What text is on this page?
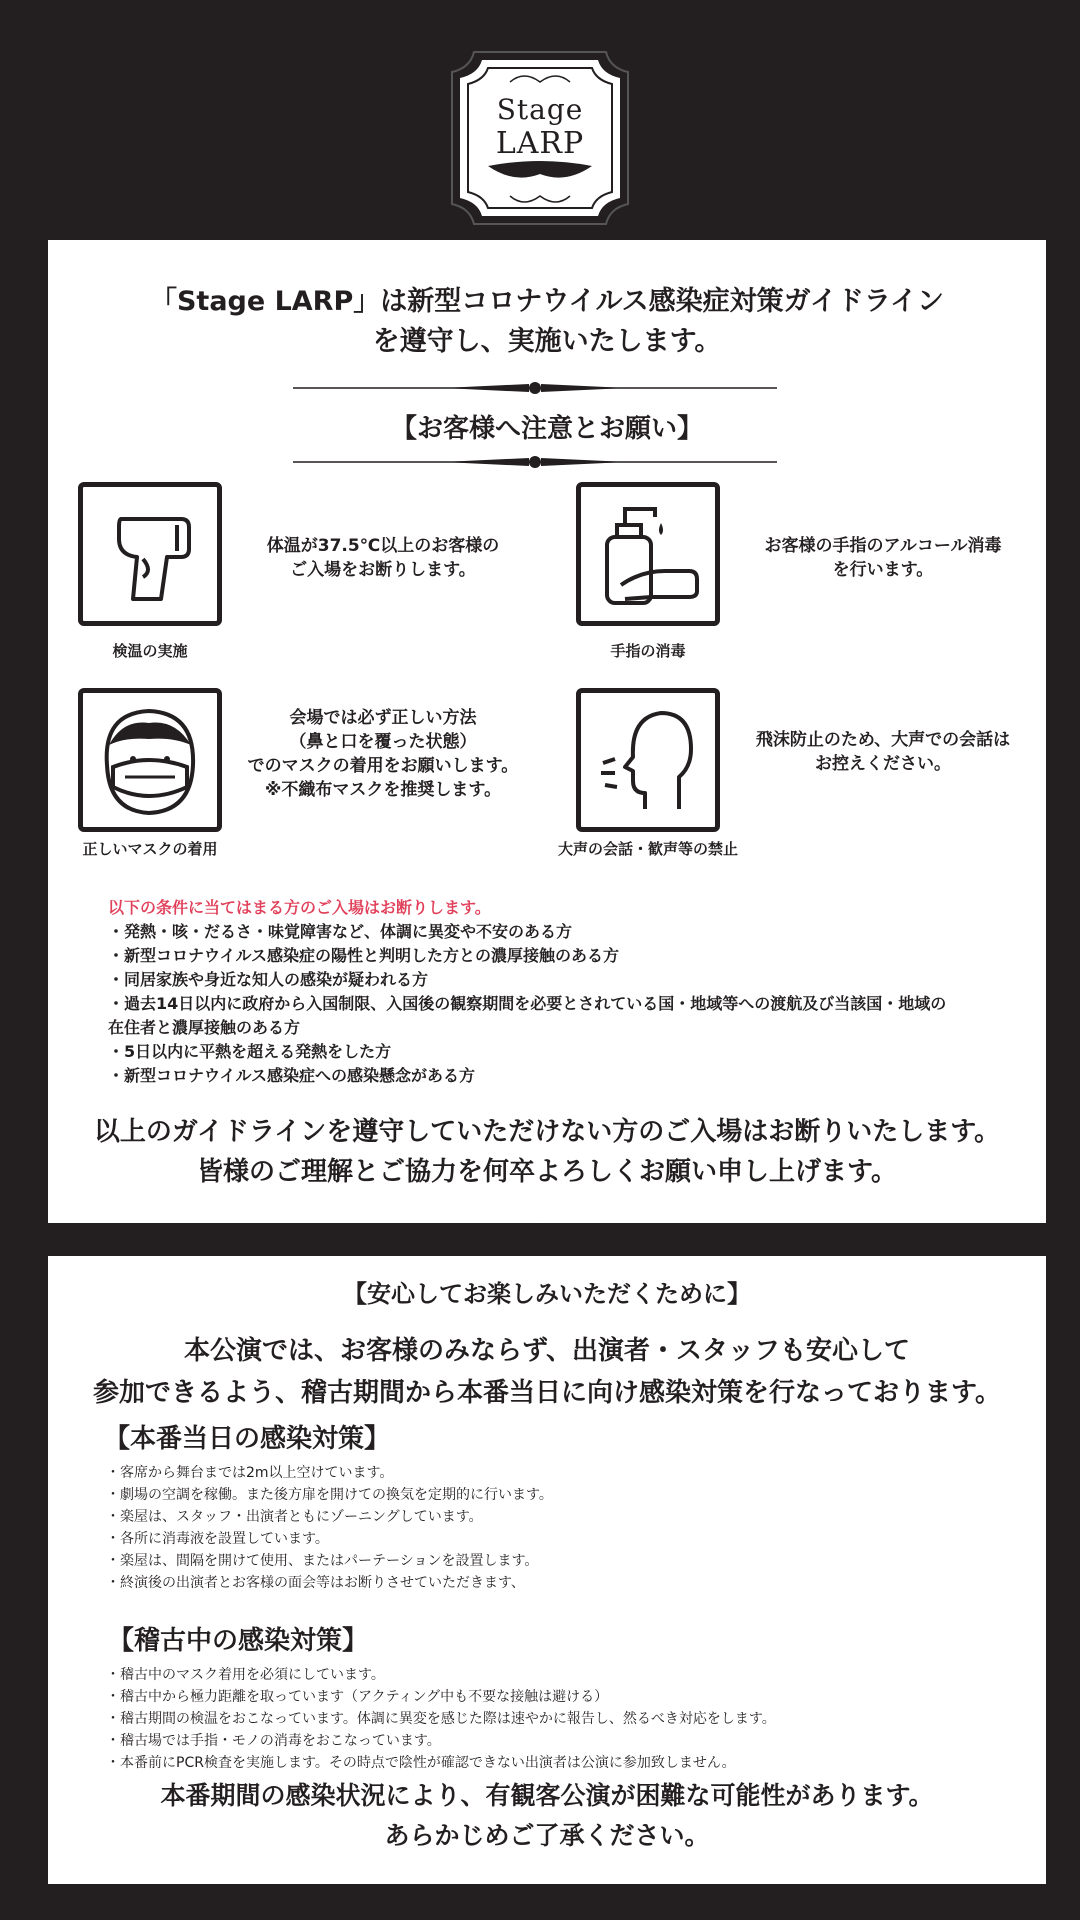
Stage
LARP
「Stage LARP」は新型コロナウイルス感染症対策ガイドライン
を遵守し、実施いたします。
【お客様へ注意とお願い】
検温の実施
体温が37.5℃以上のお客様の
ご入場をお断りします。
手指の消毒
お客様の手指のアルコール消毒
を行います。
正しいマスクの着用
会場では必ず正しい方法
（鼻と口を覆った状態）
でのマスクの着用をお願いします。
※不織布マスクを推奨します。
大声の会話・歓声等の禁止
飛沫防止のため、大声での会話は
お控えください。
以下の条件に当てはまる方のご入場はお断りします。
・発熱・咳・だるさ・味覚障害など、体調に異変や不安のある方
・新型コロナウイルス感染症の陽性と判明した方との濃厚接触のある方
・同居家族や身近な知人の感染が疑われる方
・過去14日以内に政府から入国制限、入国後の観察期間を必要とされている国・地域等への渡航及び当該国・地域の
在住者と濃厚接触のある方
・5日以内に平熱を超える発熱をした方
・新型コロナウイルス感染症への感染懸念がある方
以上のガイドラインを遵守していただけない方のご入場はお断りいたします。
皆様のご理解とご協力を何卒よろしくお願い申し上げます。
【安心してお楽しみいただくために】
本公演では、お客様のみならず、出演者・スタッフも安心して
参加できるよう、稽古期間から本番当日に向け感染対策を行なっております。
【本番当日の感染対策】
・客席から舞台までは2m以上空けています。
・劇場の空調を稼働。また後方扉を開けての換気を定期的に行います。
・楽屋は、スタッフ・出演者ともにゾーニングしています。
・各所に消毒液を設置しています。
・楽屋は、間隔を開けて使用、またはパーテーションを設置します。
・終演後の出演者とお客様の面会等はお断りさせていただきます、
【稽古中の感染対策】
・稽古中のマスク着用を必須にしています。
・稽古中から極力距離を取っています（アクティング中も不要な接触は避ける）
・稽古期間の検温をおこなっています。体調に異変を感じた際は速やかに報告し、然るべき対応をします。
・稽古場では手指・モノの消毒をおこなっています。
・本番前にPCR検査を実施します。その時点で陰性が確認できない出演者は公演に参加致しません。
本番期間の感染状況により、有観客公演が困難な可能性があります。
あらかじめご了承ください。
